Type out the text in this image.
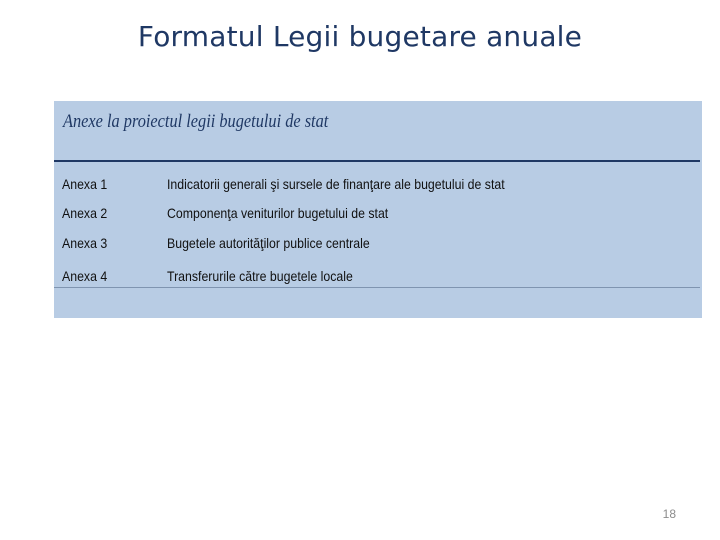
Formatul Legii bugetare anuale
Anexe la proiectul legii bugetului de stat
Anexa 1	Indicatorii generali şi sursele de finanţare ale bugetului de stat
Anexa 2	Componenţa veniturilor bugetului de stat
Anexa 3	Bugetele autorităţilor publice centrale
Anexa 4	Transferurile către bugetele locale
18
